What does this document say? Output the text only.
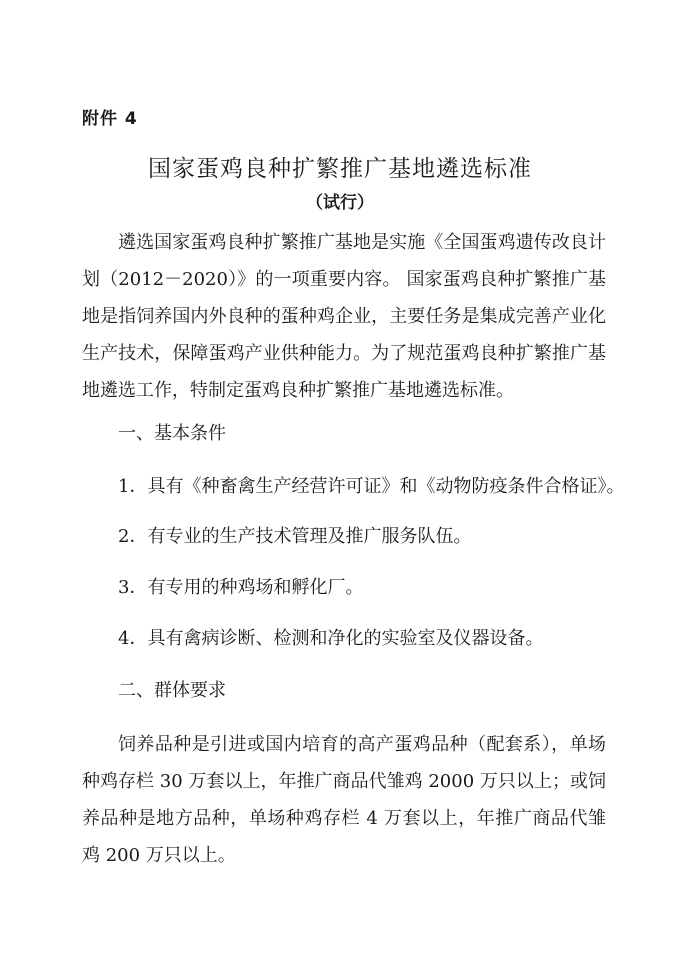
附件 4
国家蛋鸡良种扩繁推广基地遴选标准
（试行）

遴选国家蛋鸡良种扩繁推广基地是实施《全国蛋鸡遗传改良计划（2012－2020）》的一项重要内容。 国家蛋鸡良种扩繁推广基地是指饲养国内外良种的蛋种鸡企业，主要任务是集成完善产业化生产技术，保障蛋鸡产业供种能力。为了规范蛋鸡良种扩繁推广基地遴选工作，特制定蛋鸡良种扩繁推广基地遴选标准。

一、基本条件

1．具有《种畜禽生产经营许可证》和《动物防疫条件合格证》。

2．有专业的生产技术管理及推广服务队伍。

3．有专用的种鸡场和孵化厂。

4．具有禽病诊断、检测和净化的实验室及仪器设备。

二、群体要求

饲养品种是引进或国内培育的高产蛋鸡品种（配套系），单场种鸡存栏 30 万套以上，年推广商品代雏鸡 2000 万只以上；或饲养品种是地方品种，单场种鸡存栏 4 万套以上，年推广商品代雏鸡 200 万只以上。
